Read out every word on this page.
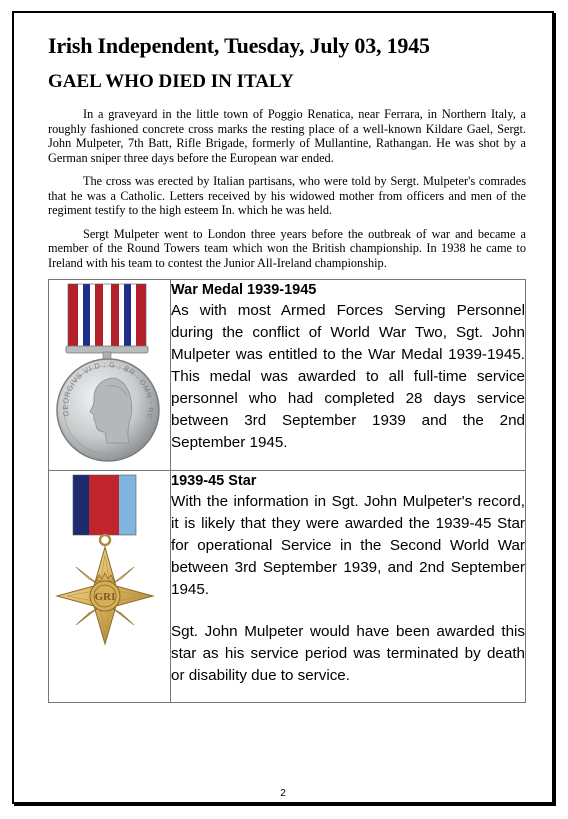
Irish Independent, Tuesday, July 03, 1945
GAEL WHO DIED IN ITALY

In a graveyard in the little town of Poggio Renatica, near Ferrara, in Northern Italy, a roughly fashioned concrete cross marks the resting place of a well-known Kildare Gael, Sergt. John Mulpeter, 7th Batt, Rifle Brigade, formerly of Mullantine, Rathangan. He was shot by a German sniper three days before the European war ended.

The cross was erected by Italian partisans, who were told by Sergt. Mulpeter's comrades that he was a Catholic. Letters received by his widowed mother from officers and men of the regiment testify to the high esteem In. which he was held.

Sergt Mulpeter went to London three years before the outbreak of war and became a member of the Round Towers team which won the British championship. In 1938 he came to Ireland with his team to contest the Junior All-Ireland championship.

GEORGIVS VI D : G : BR : OMN : RE	War Medal 1939-1945
As with most Armed Forces Serving Personnel during the conflict of World War Two, Sgt. John Mulpeter was entitled to the War Medal 1939-1945. This medal was awarded to all full-time service personnel who had completed 28 days service between 3rd September 1939 and the 2nd September 1945.

GRI	1939-45 Star
With the information in Sgt. John Mulpeter's record, it is likely that they were awarded the 1939-45 Star for operational Service in the Second World War between 3rd September 1939, and 2nd September 1945.
Sgt. John Mulpeter would have been awarded this star as his service period was terminated by death or disability due to service.
2
